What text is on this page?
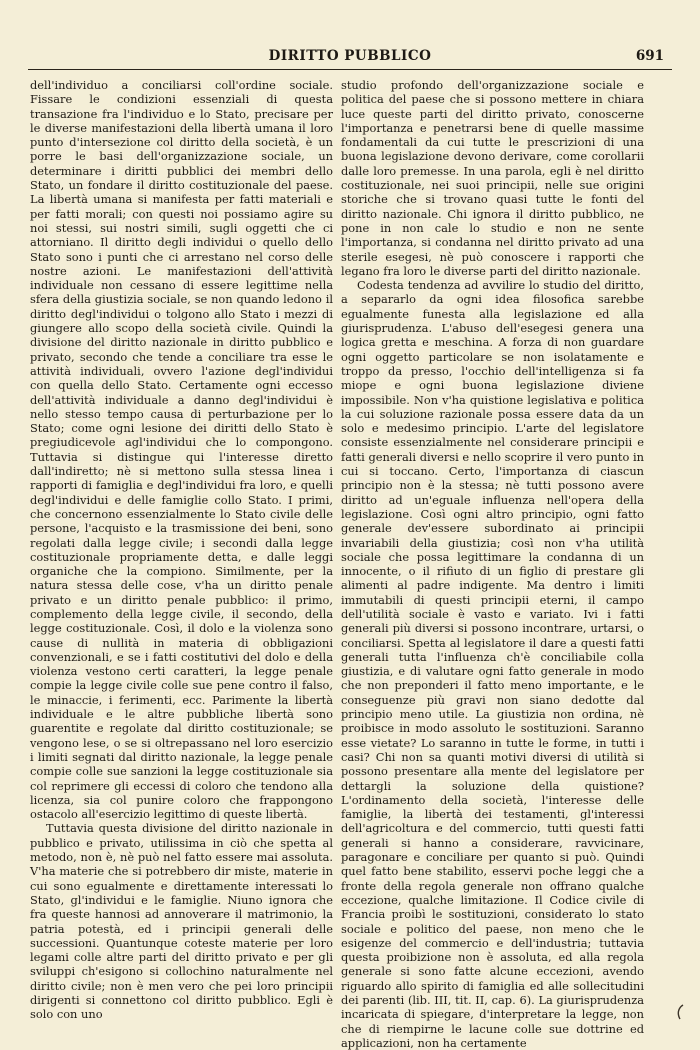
DIRITTO PUBBLICO	691

dell'individuo a conciliarsi coll'ordine sociale. Fissare le condizioni essenziali di questa transazione fra l'individuo e lo Stato, precisare per le diverse manifestazioni della libertà umana il loro punto d'intersezione col diritto della società, è un porre le basi dell'organizzazione sociale, un determinare i diritti pubblici dei membri dello Stato, un fondare il diritto costituzionale del paese. La libertà umana si manifesta per fatti materiali e per fatti morali; con questi noi possiamo agire su noi stessi, sui nostri simili, sugli oggetti che ci attorniano. Il diritto degli individui o quello dello Stato sono i punti che ci arrestano nel corso delle nostre azioni. Le manifestazioni dell'attività individuale non cessano di essere legittime nella sfera della giustizia sociale, se non quando ledono il diritto degl'individui o tolgono allo Stato i mezzi di giungere allo scopo della società civile. Quindi la divisione del diritto nazionale in diritto pubblico e privato, secondo che tende a conciliare tra esse le attività individuali, ovvero l'azione degl'individui con quella dello Stato. Certamente ogni eccesso dell'attività individuale a danno degl'individui è nello stesso tempo causa di perturbazione per lo Stato; come ogni lesione dei diritti dello Stato è pregiudicevole agl'individui che lo compongono. Tuttavia si distingue qui l'interesse diretto dall'indiretto; nè si mettono sulla stessa linea i rapporti di famiglia e degl'individui fra loro, e quelli degl'individui e delle famiglie collo Stato. I primi, che concernono essenzialmente lo Stato civile delle persone, l'acquisto e la trasmissione dei beni, sono regolati dalla legge civile; i secondi dalla legge costituzionale propriamente detta, e dalle leggi organiche che la compiono. Similmente, per la natura stessa delle cose, v'ha un diritto penale privato e un diritto penale pubblico: il primo, complemento della legge civile, il secondo, della legge costituzionale. Così, il dolo e la violenza sono cause di nullità in materia di obbligazioni convenzionali, e se i fatti costitutivi del dolo e della violenza vestono certi caratteri, la legge penale compie la legge civile colle sue pene contro il falso, le minaccie, i ferimenti, ecc. Parimente la libertà individuale e le altre pubbliche libertà sono guarentite e regolate dal diritto costituzionale; se vengono lese, o se si oltrepassano nel loro esercizio i limiti segnati dal diritto nazionale, la legge penale compie colle sue sanzioni la legge costituzionale sia col reprimere gli eccessi di coloro che tendono alla licenza, sia col punire coloro che frappongono ostacolo all'esercizio legittimo di queste libertà.

Tuttavia questa divisione del diritto nazionale in pubblico e privato, utilissima in ciò che spetta al metodo, non è, nè può nel fatto essere mai assoluta. V'ha materie che si potrebbero dir miste, materie in cui sono egualmente e direttamente interessati lo Stato, gl'individui e le famiglie. Niuno ignora che fra queste hannosi ad annoverare il matrimonio, la patria potestà, ed i principii generali delle successioni. Quantunque coteste materie per loro legami colle altre parti del diritto privato e per gli sviluppi ch'esigono si collochino naturalmente nel diritto civile; non è men vero che pei loro principii dirigenti si connettono col diritto pubblico. Egli è solo con uno

studio profondo dell'organizzazione sociale e politica del paese che si possono mettere in chiara luce queste parti del diritto privato, conoscerne l'importanza e penetrarsi bene di quelle massime fondamentali da cui tutte le prescrizioni di una buona legislazione devono derivare, come corollarii dalle loro premesse. In una parola, egli è nel diritto costituzionale, nei suoi principii, nelle sue origini storiche che si trovano quasi tutte le fonti del diritto nazionale. Chi ignora il diritto pubblico, ne pone in non cale lo studio e non ne sente l'importanza, si condanna nel diritto privato ad una sterile esegesi, nè può conoscere i rapporti che legano fra loro le diverse parti del diritto nazionale.

Codesta tendenza ad avvilire lo studio del diritto, a separarlo da ogni idea filosofica sarebbe egualmente funesta alla legislazione ed alla giurisprudenza. L'abuso dell'esegesi genera una logica gretta e meschina. A forza di non guardare ogni oggetto particolare se non isolatamente e troppo da presso, l'occhio dell'intelligenza si fa miope e ogni buona legislazione diviene impossibile. Non v'ha quistione legislativa e politica la cui soluzione razionale possa essere data da un solo e medesimo principio. L'arte del legislatore consiste essenzialmente nel considerare principii e fatti generali diversi e nello scoprire il vero punto in cui si toccano. Certo, l'importanza di ciascun principio non è la stessa; nè tutti possono avere diritto ad un'eguale influenza nell'opera della legislazione. Così ogni altro principio, ogni fatto generale dev'essere subordinato ai principii invariabili della giustizia; così non v'ha utilità sociale che possa legittimare la condanna di un innocente, o il rifiuto di un figlio di prestare gli alimenti al padre indigente. Ma dentro i limiti immutabili di questi principii eterni, il campo dell'utilità sociale è vasto e variato. Ivi i fatti generali più diversi si possono incontrare, urtarsi, o conciliarsi. Spetta al legislatore il dare a questi fatti generali tutta l'influenza ch'è conciliabile colla giustizia, e di valutare ogni fatto generale in modo che non preponderi il fatto meno importante, e le conseguenze più gravi non siano dedotte dal principio meno utile. La giustizia non ordina, nè proibisce in modo assoluto le sostituzioni. Saranno esse vietate? Lo saranno in tutte le forme, in tutti i casi? Chi non sa quanti motivi diversi di utilità si possono presentare alla mente del legislatore per dettargli la soluzione della quistione? L'ordinamento della società, l'interesse delle famiglie, la libertà dei testamenti, gl'interessi dell'agricoltura e del commercio, tutti questi fatti generali si hanno a considerare, ravvicinare, paragonare e conciliare per quanto si può. Quindi quel fatto bene stabilito, esservi poche leggi che a fronte della regola generale non offrano qualche eccezione, qualche limitazione. Il Codice civile di Francia proibì le sostituzioni, considerato lo stato sociale e politico del paese, non meno che le esigenze del commercio e dell'industria; tuttavia questa proibizione non è assoluta, ed alla regola generale si sono fatte alcune eccezioni, avendo riguardo allo spirito di famiglia ed alle sollecitudini dei parenti (lib. III, tit. II, cap. 6). La giurisprudenza incaricata di spiegare, d'interpretare la legge, non che di riempirne le lacune colle sue dottrine ed applicazioni, non ha certamente
